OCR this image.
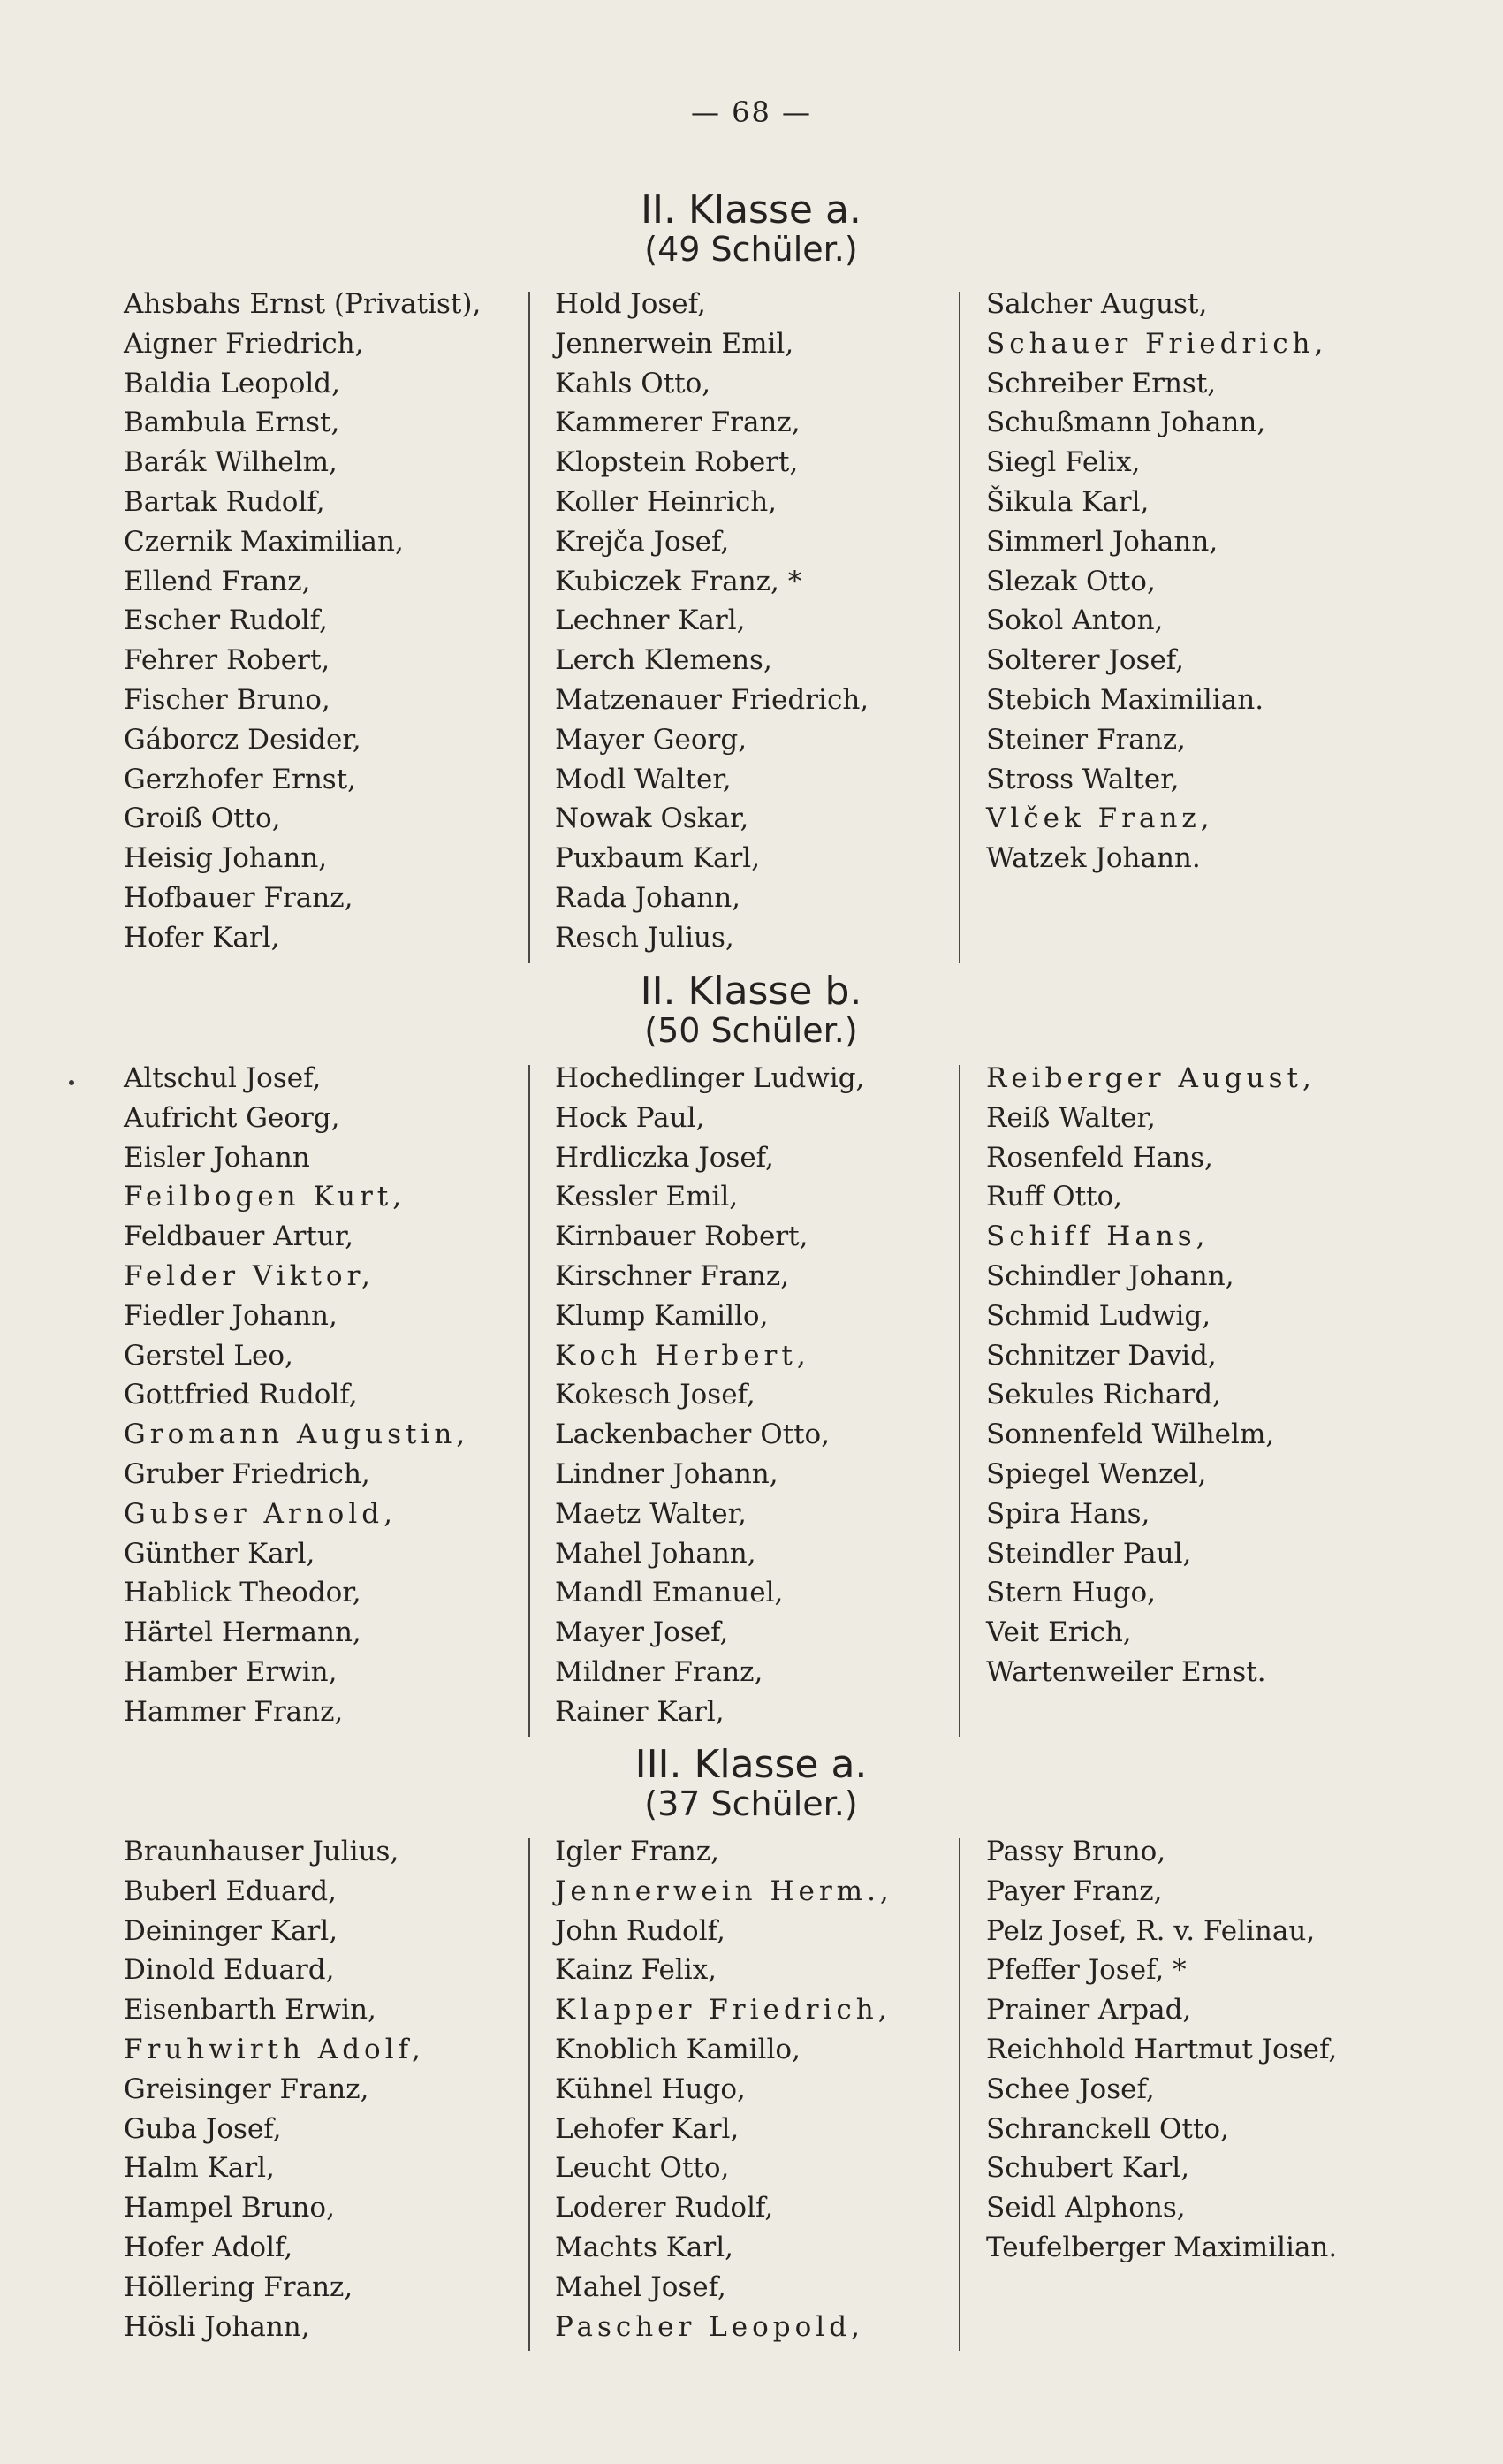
— 68 —
II. Klasse a.
(49 Schüler.)
Ahsbahs Ernst (Privatist),
Aigner Friedrich,
Baldia Leopold,
Bambula Ernst,
Barák Wilhelm,
Bartak Rudolf,
Czernik Maximilian,
Ellend Franz,
Escher Rudolf,
Fehrer Robert,
Fischer Bruno,
Gáborcz Desider,
Gerzhofer Ernst,
Groiß Otto,
Heisig Johann,
Hofbauer Franz,
Hofer Karl,
Hold Josef,
Jennerwein Emil,
Kahls Otto,
Kammerer Franz,
Klopstein Robert,
Koller Heinrich,
Krejča Josef,
Kubiczek Franz, *
Lechner Karl,
Lerch Klemens,
Matzenauer Friedrich,
Mayer Georg,
Modl Walter,
Nowak Oskar,
Puxbaum Karl,
Rada Johann,
Resch Julius,
Salcher August,
Schauer Friedrich,
Schreiber Ernst,
Schußmann Johann,
Siegl Felix,
Šikula Karl,
Simmerl Johann,
Slezak Otto,
Sokol Anton,
Solterer Josef,
Stebich Maximilian.
Steiner Franz,
Stross Walter,
Vlček Franz,
Watzek Johann.
II. Klasse b.
(50 Schüler.)
Altschul Josef,
Aufricht Georg,
Eisler Johann
Feilbogen Kurt,
Feldbauer Artur,
Felder Viktor,
Fiedler Johann,
Gerstel Leo,
Gottfried Rudolf,
Gromann Augustin,
Gruber Friedrich,
Gubser Arnold,
Günther Karl,
Hablick Theodor,
Härtel Hermann,
Hamber Erwin,
Hammer Franz,
Hochedlinger Ludwig,
Hock Paul,
Hrdliczka Josef,
Kessler Emil,
Kirnbauer Robert,
Kirschner Franz,
Klump Kamillo,
Koch Herbert,
Kokesch Josef,
Lackenbacher Otto,
Lindner Johann,
Maetz Walter,
Mahel Johann,
Mandl Emanuel,
Mayer Josef,
Mildner Franz,
Rainer Karl,
Reiberger August,
Reiß Walter,
Rosenfeld Hans,
Ruff Otto,
Schiff Hans,
Schindler Johann,
Schmid Ludwig,
Schnitzer David,
Sekules Richard,
Sonnenfeld Wilhelm,
Spiegel Wenzel,
Spira Hans,
Steindler Paul,
Stern Hugo,
Veit Erich,
Wartenweiler Ernst.
III. Klasse a.
(37 Schüler.)
Braunhauser Julius,
Buberl Eduard,
Deininger Karl,
Dinold Eduard,
Eisenbarth Erwin,
Fruhwirth Adolf,
Greisinger Franz,
Guba Josef,
Halm Karl,
Hampel Bruno,
Hofer Adolf,
Höllering Franz,
Hösli Johann,
Igler Franz,
Jennerwein Herm.,
John Rudolf,
Kainz Felix,
Klapper Friedrich,
Knoblich Kamillo,
Kühnel Hugo,
Lehofer Karl,
Leucht Otto,
Loderer Rudolf,
Machts Karl,
Mahel Josef,
Pascher Leopold,
Passy Bruno,
Payer Franz,
Pelz Josef, R. v. Felinau,
Pfeffer Josef, *
Prainer Arpad,
Reichhold Hartmut Josef,
Schee Josef,
Schranckell Otto,
Schubert Karl,
Seidl Alphons,
Teufelberger Maximilian.
